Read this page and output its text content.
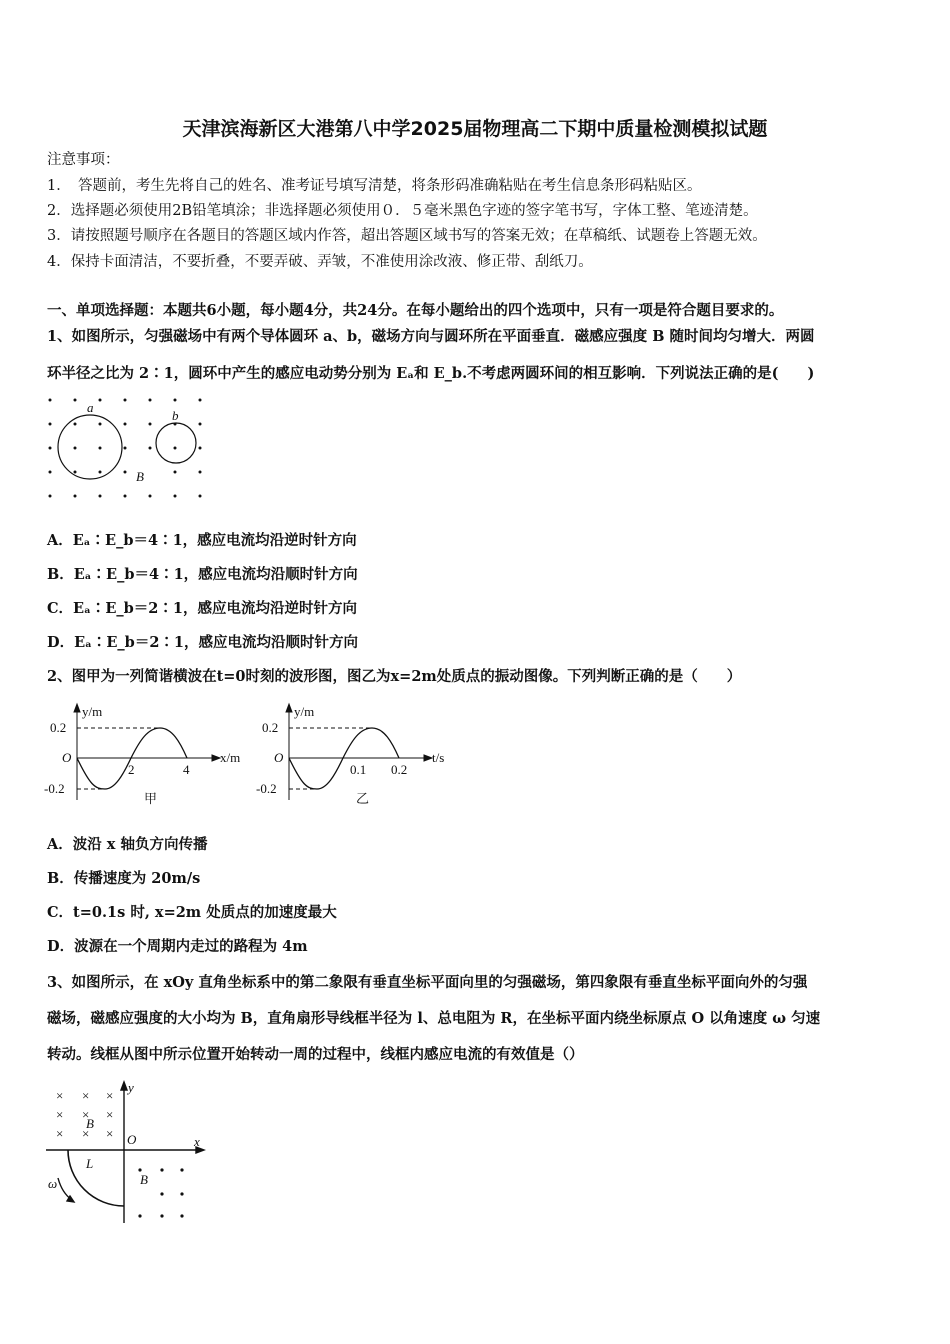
天津滨海新区大港第八中学2025届物理高二下期中质量检测模拟试题
注意事项：
1．　答题前，考生先将自己的姓名、准考证号填写清楚，将条形码准确粘贴在考生信息条形码粘贴区。
2．选择题必须使用2B铅笔填涂；非选择题必须使用０．５毫米黑色字迹的签字笔书写，字体工整、笔迹清楚。
3．请按照题号顺序在各题目的答题区域内作答，超出答题区域书写的答案无效；在草稿纸、试题卷上答题无效。
4．保持卡面清洁，不要折叠，不要弄破、弄皱，不准使用涂改液、修正带、刮纸刀。
一、单项选择题：本题共6小题，每小题4分，共24分。在每小题给出的四个选项中，只有一项是符合题目要求的。
1、如图所示，匀强磁场中有两个导体圆环 a、b，磁场方向与圆环所在平面垂直．磁感应强度 B 随时间均匀增大．两圆
环半径之比为 2∶1，圆环中产生的感应电动势分别为 Eₐ和 E_b.不考虑两圆环间的相互影响．下列说法正确的是(　　)
a
b
B
A．Eₐ∶E_b＝4∶1，感应电流均沿逆时针方向
B．Eₐ∶E_b＝4∶1，感应电流均沿顺时针方向
C．Eₐ∶E_b＝2∶1，感应电流均沿逆时针方向
D．Eₐ∶E_b＝2∶1，感应电流均沿顺时针方向
2、图甲为一列简谐横波在t=0时刻的波形图，图乙为x=2m处质点的振动图像。下列判断正确的是（　　）
y/m
0.2
O
-0.2
2	4
x/m
甲
y/m
0.2
O
-0.2
0.1 0.2
t/s
乙
A．波沿 x 轴负方向传播
B．传播速度为 20m/s
C．t=0.1s 时, x=2m 处质点的加速度最大
D．波源在一个周期内走过的路程为 4m
3、如图所示，在 xOy 直角坐标系中的第二象限有垂直坐标平面向里的匀强磁场，第四象限有垂直坐标平面向外的匀强
磁场，磁感应强度的大小均为 B，直角扇形导线框半径为 l、总电阻为 R，在坐标平面内绕坐标原点 O 以角速度 ω 匀速
转动。线框从图中所示位置开始转动一周的过程中，线框内感应电流的有效值是（）
× × ×
× × ×
× × ×
y
x
O
B
B
L
ω
